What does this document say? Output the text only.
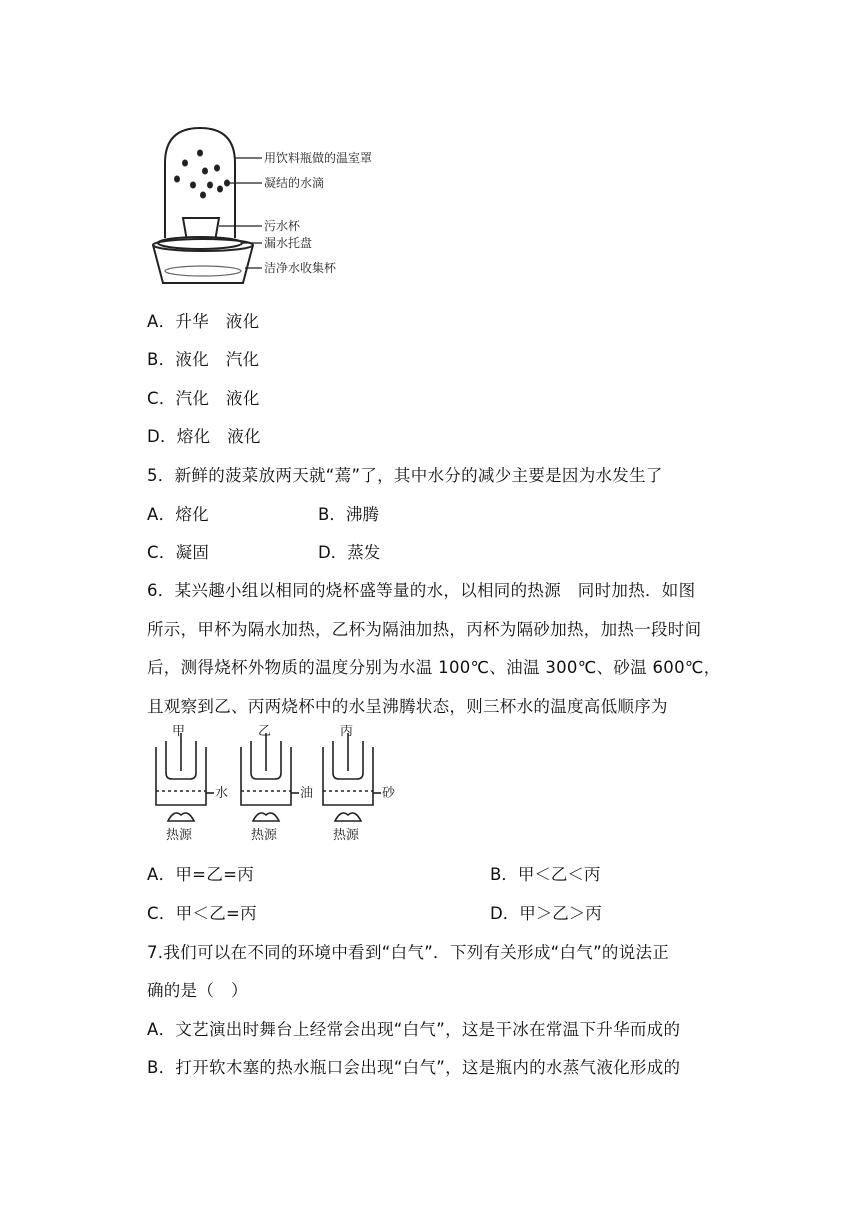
用饮料瓶做的温室罩
凝结的水滴
污水杯
漏水托盘
洁净水收集杯
A．升华　液化
B．液化　汽化
C．汽化　液化
D．熔化　液化
5．新鲜的菠菜放两天就“蔫”了，其中水分的减少主要是因为水发生了
A．熔化	B．沸腾
C．凝固	D．蒸发
6．某兴趣小组以相同的烧杯盛等量的水，以相同的热源　同时加热．如图
所示，甲杯为隔水加热，乙杯为隔油加热，丙杯为隔砂加热，加热一段时间
后，测得烧杯外物质的温度分别为水温 100℃、油温 300℃、砂温 600℃，
且观察到乙、丙两烧杯中的水呈沸腾状态，则三杯水的温度高低顺序为
甲	乙	丙
水	油	砂
热源	热源	热源
A．甲=乙=丙	B．甲＜乙＜丙
C．甲＜乙=丙	D．甲＞乙＞丙
7.我们可以在不同的环境中看到“白气”．下列有关形成“白气”的说法正
确的是（　）
A．文艺演出时舞台上经常会出现“白气”，这是干冰在常温下升华而成的
B．打开软木塞的热水瓶口会出现“白气”，这是瓶内的水蒸气液化形成的
